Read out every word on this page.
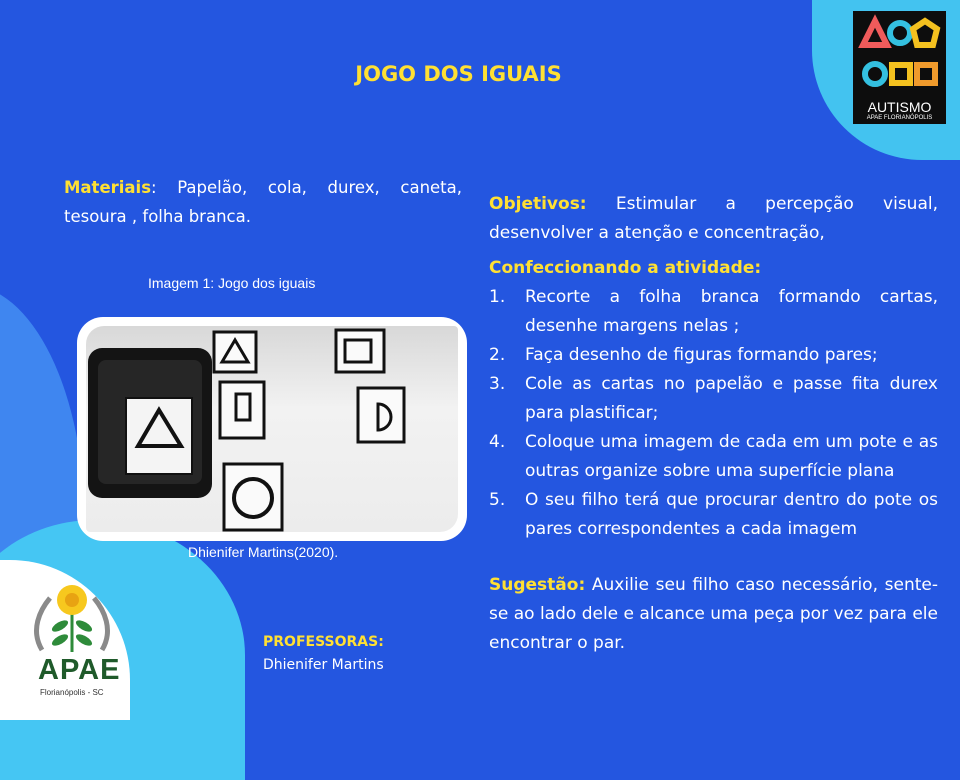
JOGO DOS IGUAIS
Materiais: Papelão, cola, durex, caneta, tesoura , folha branca.
Imagem 1: Jogo dos iguais
Dhienifer Martins(2020).
PROFESSORAS:
Dhienifer Martins

Objetivos: Estimular a percepção visual, desenvolver a atenção e concentração,

Confeccionando a atividade:

1. Recorte a folha branca formando cartas, desenhe margens nelas ;
2. Faça desenho de figuras formando pares;
3. Cole as cartas no papelão e passe fita durex para plastificar;
4. Coloque uma imagem de cada em um pote e as outras organize sobre uma superfície plana
5. O seu filho terá que procurar dentro do pote os pares correspondentes a cada imagem

Sugestão: Auxilie seu filho caso necessário, sente-se ao lado dele e alcance uma peça por vez para ele encontrar o par.

AUTISMO
APAE FLORIANÓPOLIS
APAE
Florianópolis - SC
